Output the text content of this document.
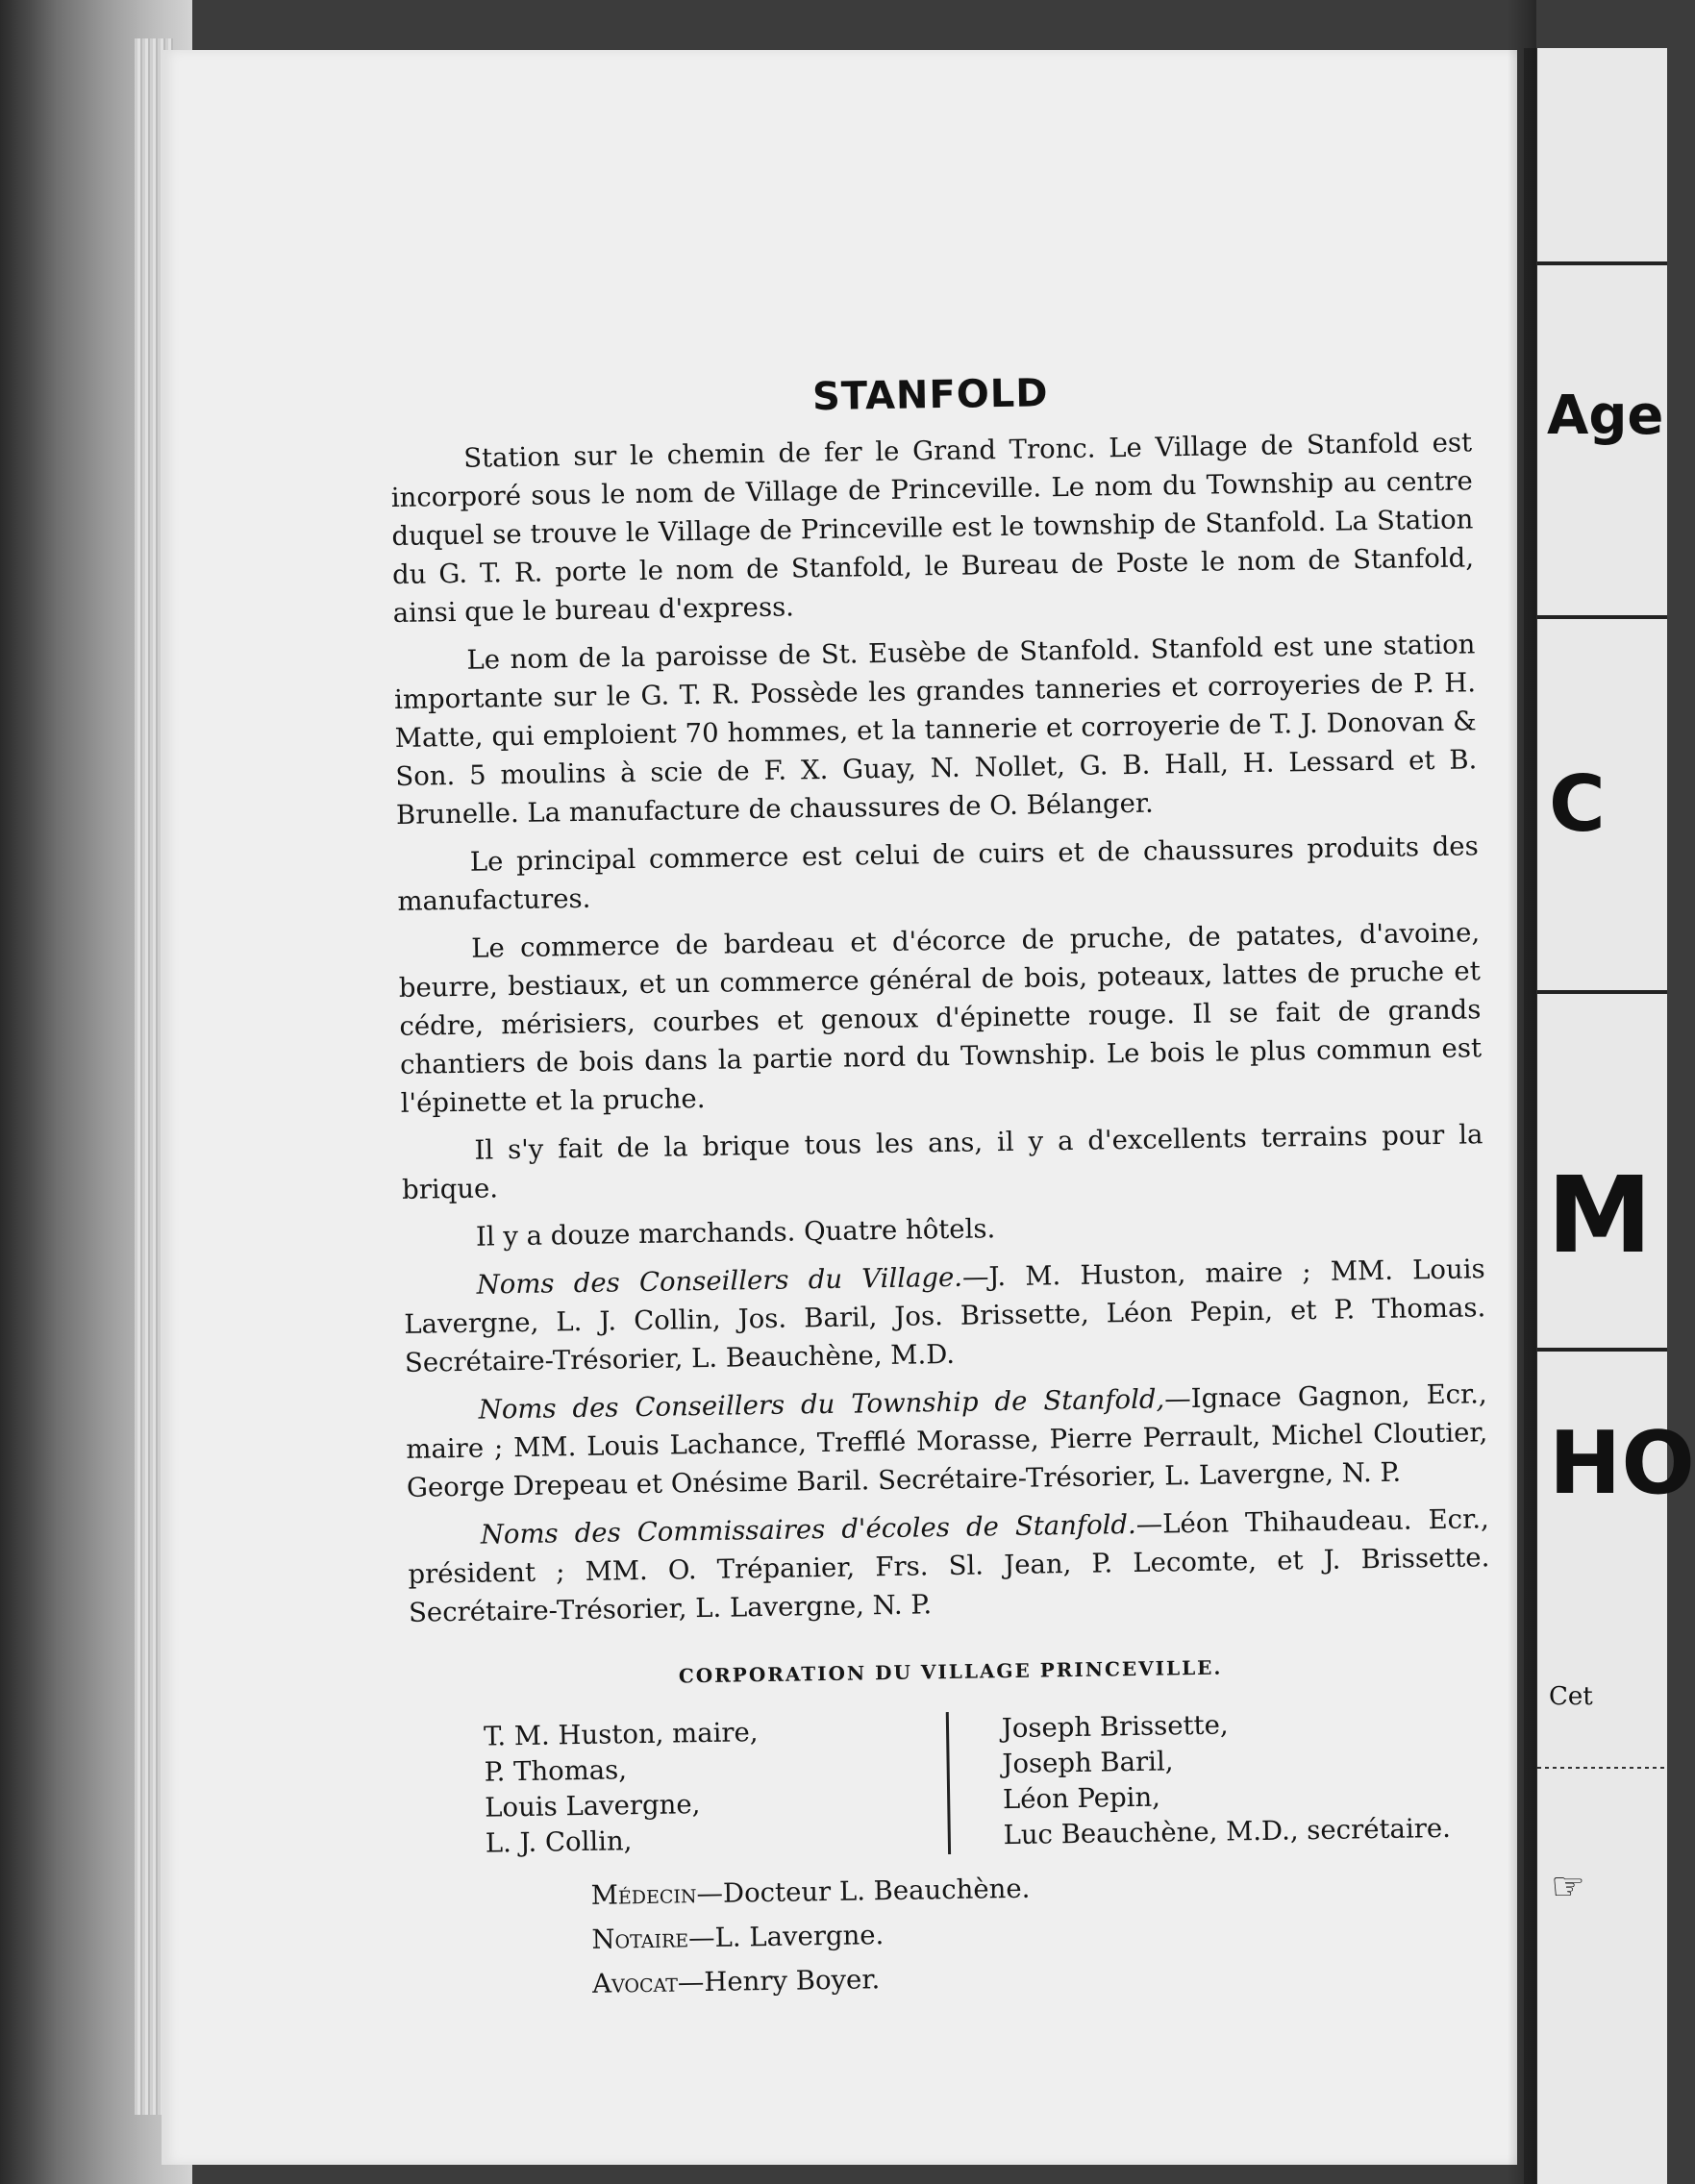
Age
C
M
HO
Cet
☞
STANFOLD

Station sur le chemin de fer le Grand Tronc. Le Village de Stanfold est incorporé sous le nom de Village de Princeville. Le nom du Township au centre duquel se trouve le Village de Princeville est le township de Stanfold. La Station du G. T. R. porte le nom de Stanfold, le Bureau de Poste le nom de Stanfold, ainsi que le bureau d'express.

Le nom de la paroisse de St. Eusèbe de Stanfold. Stanfold est une station importante sur le G. T. R. Possède les grandes tanneries et corroyeries de P. H. Matte, qui emploient 70 hommes, et la tannerie et corroyerie de T. J. Donovan & Son. 5 moulins à scie de F. X. Guay, N. Nollet, G. B. Hall, H. Lessard et B. Brunelle. La manufacture de chaussures de O. Bélanger.

Le principal commerce est celui de cuirs et de chaussures produits des manufactures.

Le commerce de bardeau et d'écorce de pruche, de patates, d'avoine, beurre, bestiaux, et un commerce général de bois, poteaux, lattes de pruche et cédre, mérisiers, courbes et genoux d'épinette rouge. Il se fait de grands chantiers de bois dans la partie nord du Township. Le bois le plus commun est l'épinette et la pruche.

Il s'y fait de la brique tous les ans, il y a d'excellents terrains pour la brique.

Il y a douze marchands. Quatre hôtels.

Noms des Conseillers du Village.—J. M. Huston, maire ; MM. Louis Lavergne, L. J. Collin, Jos. Baril, Jos. Brissette, Léon Pepin, et P. Thomas. Secrétaire-Trésorier, L. Beauchène, M.D.

Noms des Conseillers du Township de Stanfold,—Ignace Gagnon, Ecr., maire ; MM. Louis Lachance, Trefflé Morasse, Pierre Perrault, Michel Cloutier, George Drepeau et Onésime Baril. Secrétaire-Trésorier, L. Lavergne, N. P.

Noms des Commissaires d'écoles de Stanfold.—Léon Thihaudeau. Ecr., président ; MM. O. Trépanier, Frs. Sl. Jean, P. Lecomte, et J. Brissette. Secrétaire-Trésorier, L. Lavergne, N. P.

CORPORATION DU VILLAGE PRINCEVILLE.
T. M. Huston, maire,
P. Thomas,
Louis Lavergne,
L. J. Collin,
Joseph Brissette,
Joseph Baril,
Léon Pepin,
Luc Beauchène, M.D., secrétaire.
Médecin—Docteur L. Beauchène.
Notaire—L. Lavergne.
Avocat—Henry Boyer.
